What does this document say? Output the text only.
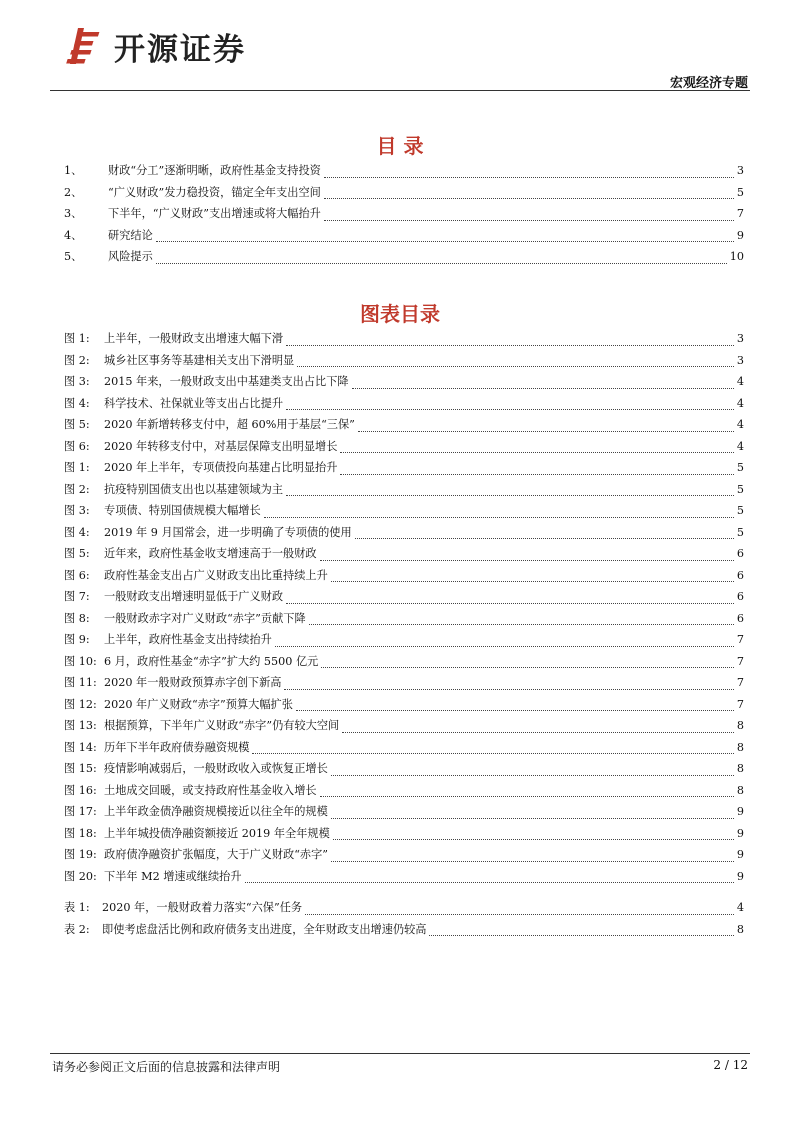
开源证券
宏观经济专题
目 录
1、 财政“分工”逐渐明晰，政府性基金支持投资	3
2、 “广义财政”发力稳投资，锚定全年支出空间	5
3、 下半年，“广义财政”支出增速或将大幅抬升	7
4、 研究结论	9
5、 风险提示	10
图表目录
图 1: 上半年，一般财政支出增速大幅下滑	3
图 2: 城乡社区事务等基建相关支出下滑明显	3
图 3: 2015 年来，一般财政支出中基建类支出占比下降	4
图 4: 科学技术、社保就业等支出占比提升	4
图 5: 2020 年新增转移支付中，超 60%用于基层“三保”	4
图 6: 2020 年转移支付中，对基层保障支出明显增长	4
图 1: 2020 年上半年，专项债投向基建占比明显抬升	5
图 2: 抗疫特别国债支出也以基建领域为主	5
图 3: 专项债、特别国债规模大幅增长	5
图 4: 2019 年 9 月国常会，进一步明确了专项债的使用	5
图 5: 近年来，政府性基金收支增速高于一般财政	6
图 6: 政府性基金支出占广义财政支出比重持续上升	6
图 7: 一般财政支出增速明显低于广义财政	6
图 8: 一般财政赤字对广义财政“赤字”贡献下降	6
图 9: 上半年，政府性基金支出持续抬升	7
图 10: 6 月，政府性基金“赤字”扩大约 5500 亿元	7
图 11: 2020 年一般财政预算赤字创下新高	7
图 12: 2020 年广义财政“赤字”预算大幅扩张	7
图 13: 根据预算，下半年广义财政“赤字”仍有较大空间	8
图 14: 历年下半年政府债券融资规模	8
图 15: 疫情影响减弱后，一般财政收入或恢复正增长	8
图 16: 土地成交回暖，或支持政府性基金收入增长	8
图 17: 上半年政金债净融资规模接近以往全年的规模	9
图 18: 上半年城投债净融资额接近 2019 年全年规模	9
图 19: 政府债净融资扩张幅度，大于广义财政“赤字”	9
图 20: 下半年 M2 增速或继续抬升	9
表 1: 2020 年，一般财政着力落实“六保”任务	4
表 2: 即使考虑盘活比例和政府债务支出进度，全年财政支出增速仍较高	8
请务必参阅正文后面的信息披露和法律声明	2 / 12
